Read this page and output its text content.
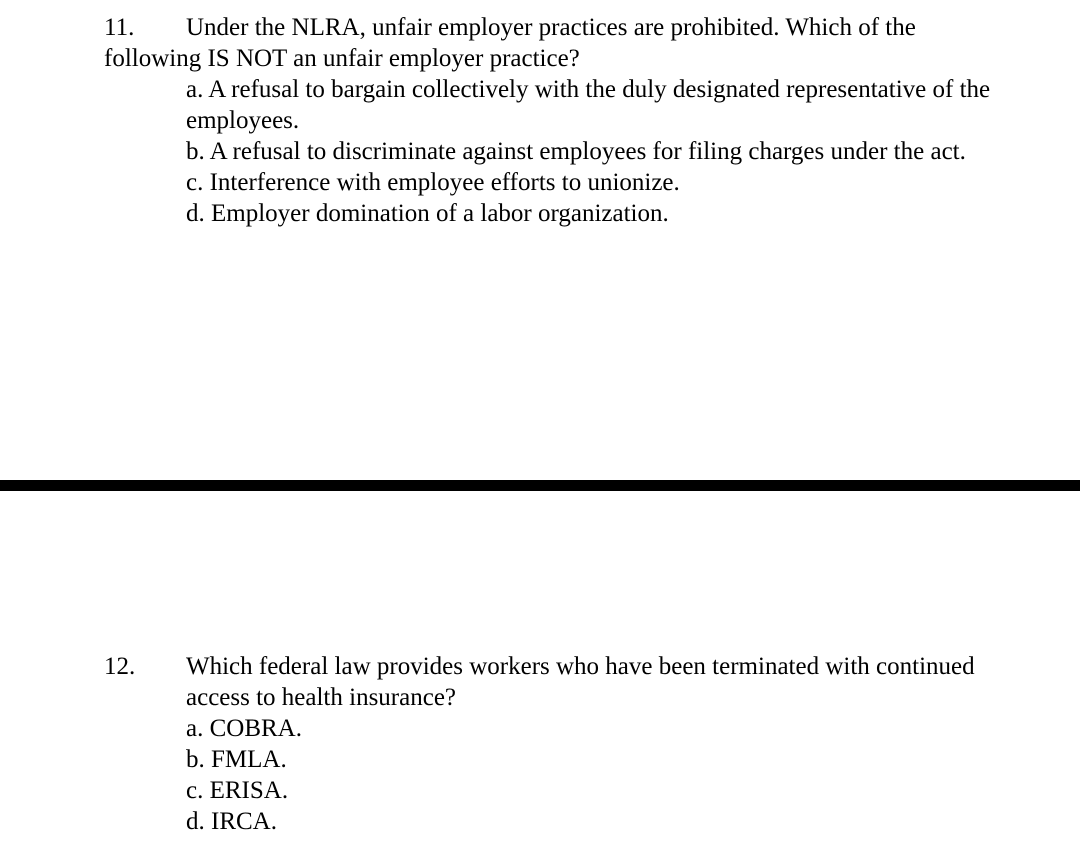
11. Under the NLRA, unfair employer practices are prohibited. Which of the

following IS NOT an unfair employer practice?

a. A refusal to bargain collectively with the duly designated representative of the

employees.

b. A refusal to discriminate against employees for filing charges under the act.

c. Interference with employee efforts to unionize.

d. Employer domination of a labor organization.

12. Which federal law provides workers who have been terminated with continued

access to health insurance?

a. COBRA.

b. FMLA.

c. ERISA.

d. IRCA.
